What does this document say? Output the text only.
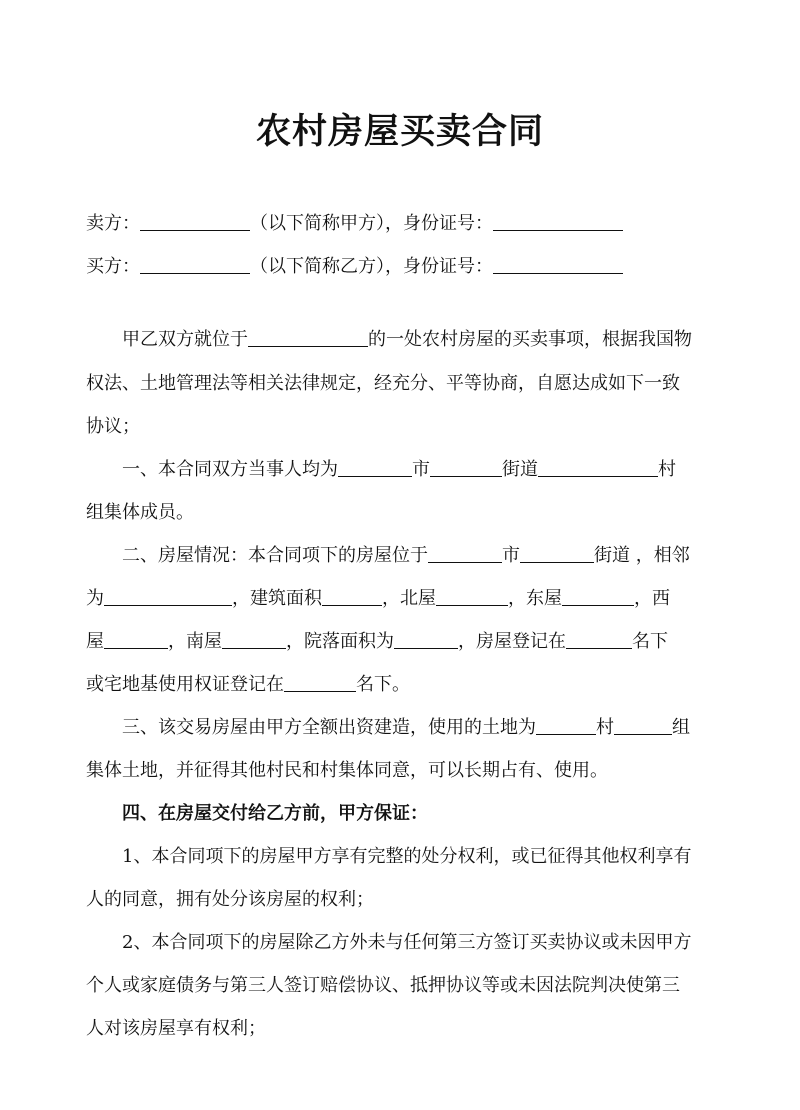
农村房屋买卖合同
卖方：	（以下简称甲方），身份证号：
买方：	（以下简称乙方），身份证号：
甲乙双方就位于	的一处农村房屋的买卖事项，根据我国物
权法、土地管理法等相关法律规定，经充分、平等协商，自愿达成如下一致
协议；
一、本合同双方当事人均为	市	街道	村
组集体成员。
二、房屋情况：本合同项下的房屋位于	市	街道 ，相邻
为	，建筑面积	，北屋	，东屋	，西
屋	，南屋	，院落面积为	，房屋登记在	名下
或宅地基使用权证登记在	名下。
三、该交易房屋由甲方全额出资建造，使用的土地为	村	组
集体土地，并征得其他村民和村集体同意，可以长期占有、使用。
四、在房屋交付给乙方前，甲方保证：
1、本合同项下的房屋甲方享有完整的处分权利，或已征得其他权利享有
人的同意，拥有处分该房屋的权利；
2、本合同项下的房屋除乙方外未与任何第三方签订买卖协议或未因甲方
个人或家庭债务与第三人签订赔偿协议、抵押协议等或未因法院判决使第三
人对该房屋享有权利；
